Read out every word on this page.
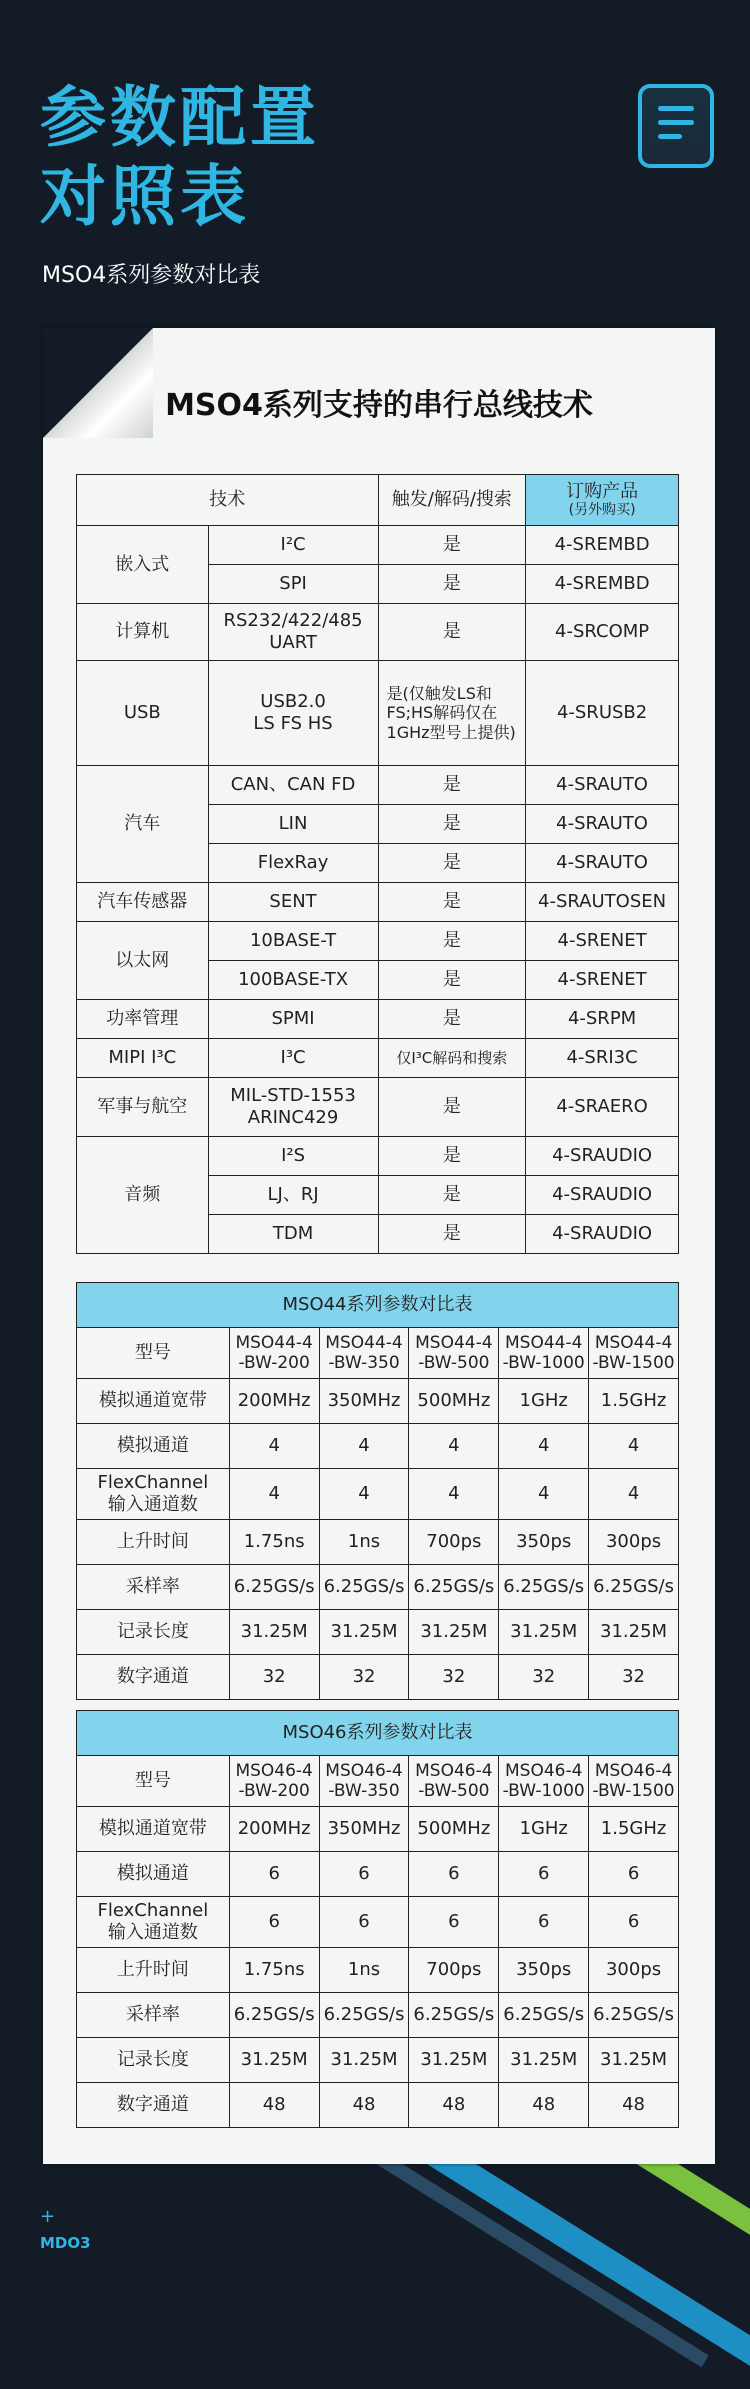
参数配置
对照表

MSO4系列参数对比表

MSO4系列支持的串行总线技术
技术		触发/解码/搜索	订购产品
(另外购买)

嵌入式	I²C	是	4-SREMBD
	SPI	是	4-SREMBD
计算机	RS232/422/485 UART	是	4-SRCOMP
USB	USB2.0 LS FS HS	是(仅触发LS和FS;HS解码仅在1GHz型号上提供)	4-SRUSB2
汽车	CAN、CAN FD	是	4-SRAUTO
	LIN	是	4-SRAUTO
	FlexRay	是	4-SRAUTO
汽车传感器	SENT	是	4-SRAUTOSEN
以太网	10BASE-T	是	4-SRENET
	100BASE-TX	是	4-SRENET
功率管理	SPMI	是	4-SRPM
MIPI I³C	I³C	仅I³C解码和搜索	4-SRI3C
军事与航空	MIL-STD-1553 ARINC429	是	4-SRAERO
音频	I²S	是	4-SRAUDIO
	LJ、RJ	是	4-SRAUDIO
	TDM	是	4-SRAUDIO
MSO44系列参数对比表					
型号	MSO44-4 -BW-200	MSO44-4 -BW-350	MSO44-4 -BW-500	MSO44-4 -BW-1000	MSO44-4 -BW-1500
模拟通道宽带	200MHz	350MHz	500MHz	1GHz	1.5GHz
模拟通道	4	4	4	4	4
FlexChannel 输入通道数	4	4	4	4	4
上升时间	1.75ns	1ns	700ps	350ps	300ps
采样率	6.25GS/s	6.25GS/s	6.25GS/s	6.25GS/s	6.25GS/s
记录长度	31.25M	31.25M	31.25M	31.25M	31.25M
数字通道	32	32	32	32	32
MSO46系列参数对比表					
型号	MSO46-4 -BW-200	MSO46-4 -BW-350	MSO46-4 -BW-500	MSO46-4 -BW-1000	MSO46-4 -BW-1500
模拟通道宽带	200MHz	350MHz	500MHz	1GHz	1.5GHz
模拟通道	6	6	6	6	6
FlexChannel 输入通道数	6	6	6	6	6
上升时间	1.75ns	1ns	700ps	350ps	300ps
采样率	6.25GS/s	6.25GS/s	6.25GS/s	6.25GS/s	6.25GS/s
记录长度	31.25M	31.25M	31.25M	31.25M	31.25M
数字通道	48	48	48	48	48
+
MDO3
